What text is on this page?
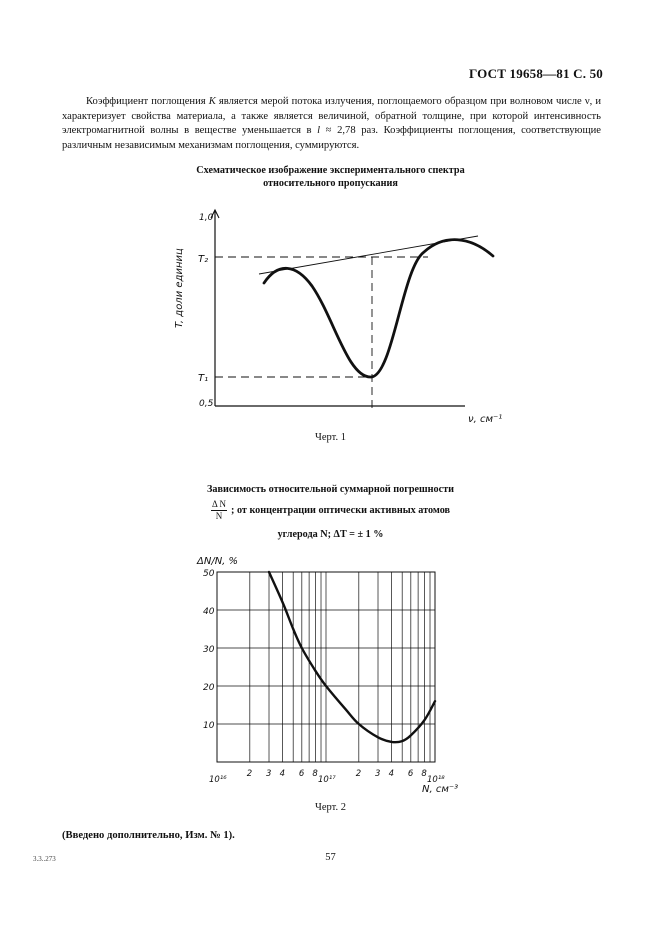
ГОСТ 19658—81 С. 50

Коэффициент поглощения K является мерой потока излучения, поглощаемого образцом при волновом числе ν, и характеризует свойства материала, а также является величиной, обратной толщине, при которой интенсивность электромагнитной волны в веществе уменьшается в l ≈ 2,78 раз. Коэффициенты поглощения, соответствующие различным независимым механизмам поглощения, суммируются.

Схематическое изображение экспериментального спектра
относительного пропускания
T, доли единиц
1,0
0,5
T₂
T₁
ν, см⁻¹
Черт. 1
Зависимость относительной суммарной погрешности
$\frac{\text{Δ N}}{N}$ ; от концентрации оптически активных атомов
углерода N; ΔT = ± 1 %
ΔN/N, %
50
40
30
20
10
2 3 4 6 8	2 3 4 6 8
10¹⁶	10¹⁷	10¹⁸
N, см⁻³
Черт. 2
(Введено дополнительно, Изм. № 1).
3.3..273	57
